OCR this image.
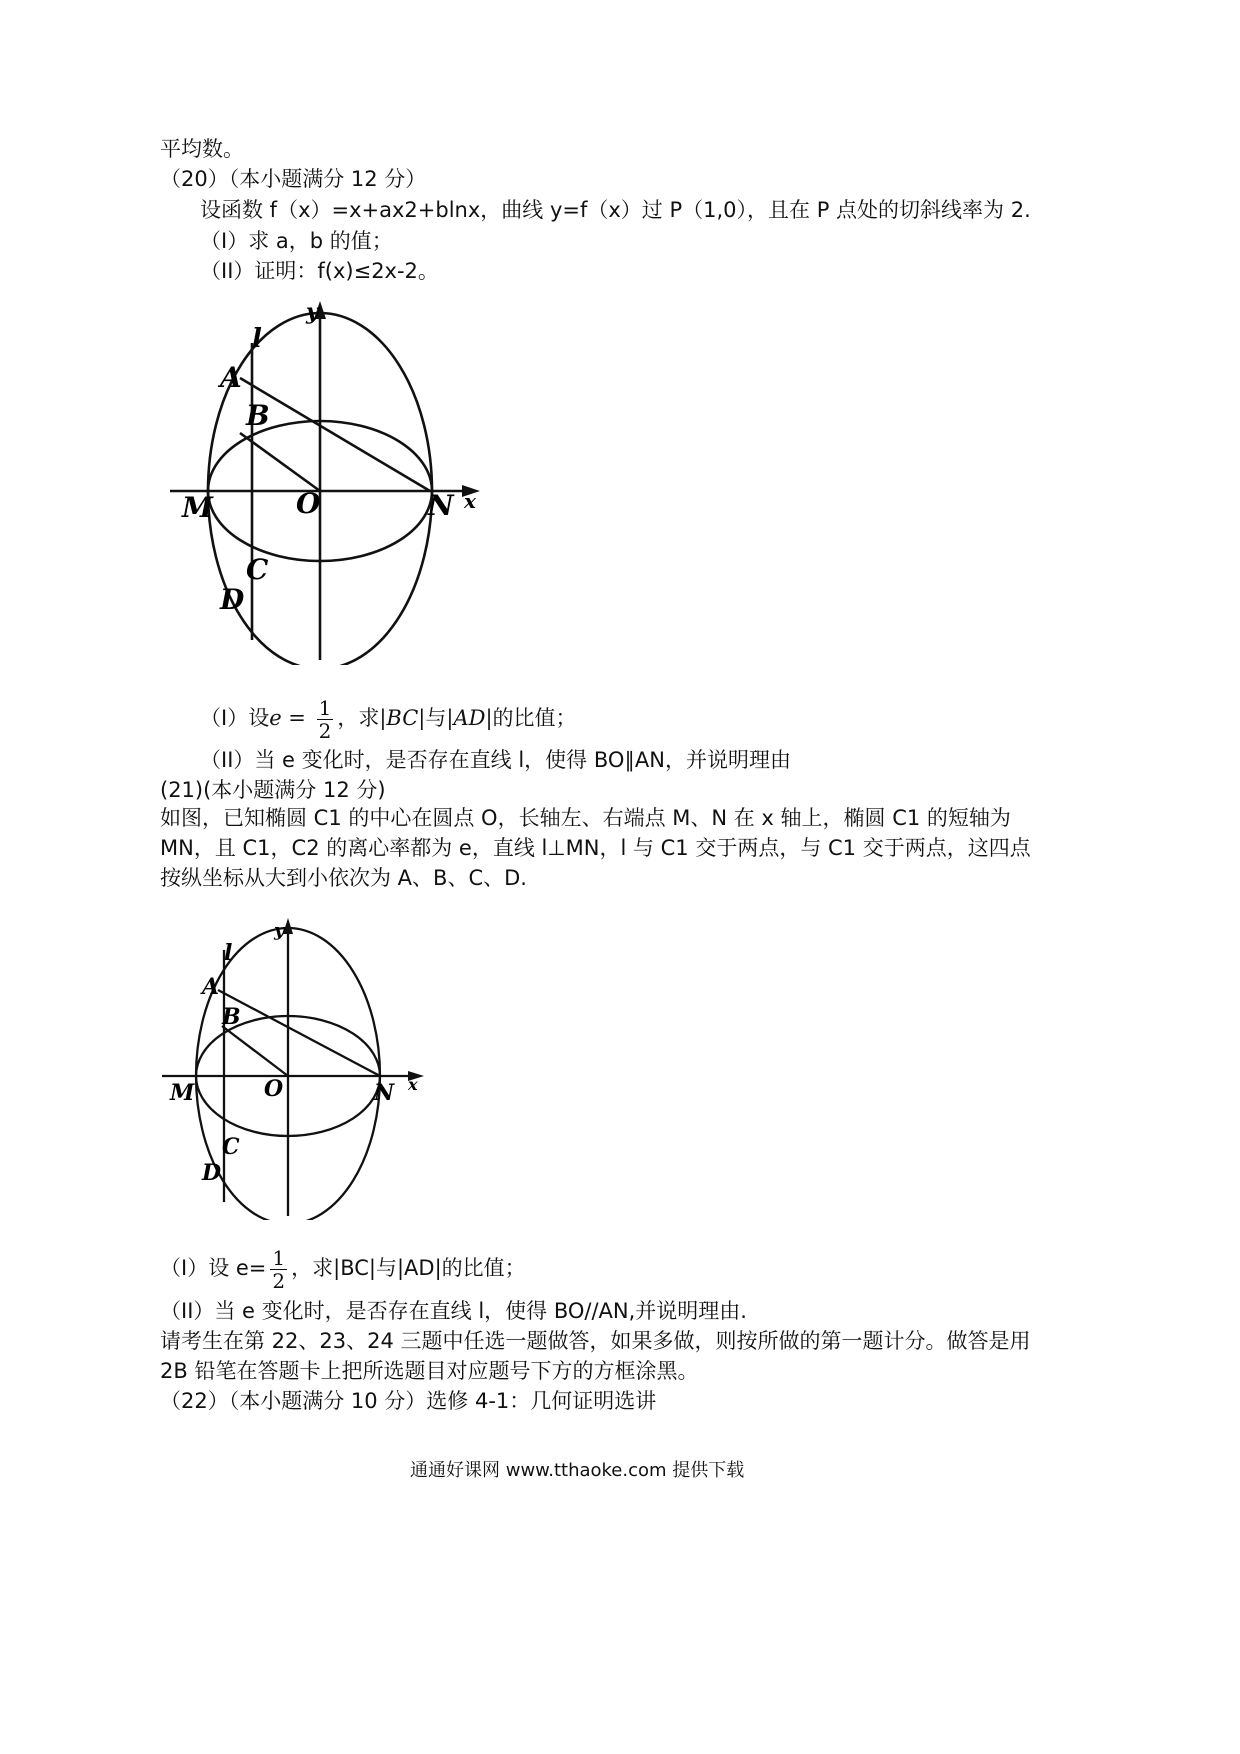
平均数。
（20）（本小题满分 12 分）
设函数 f（x）=x+ax2+blnx，曲线 y=f（x）过 P（1,0），且在 P 点处的切斜线率为 2.
（I）求 a，b 的值；
（II）证明：f(x)≤2x-2。
y
x
l
A
B
C
D
M	O	N
（I）设$e = \frac{1}{2}$ ，求|BC|与|AD|的比值；
（II）当 e 变化时，是否存在直线 l，使得 BO∥AN，并说明理由
(21)(本小题满分 12 分)
如图，已知椭圆 C1 的中心在圆点 O，长轴左、右端点 M、N 在 x 轴上，椭圆 C1 的短轴为
MN，且 C1，C2 的离心率都为 e，直线 l⊥MN，l 与 C1 交于两点，与 C1 交于两点，这四点
按纵坐标从大到小依次为 A、B、C、D.
y
x
l
A
B
C
D
M	O	N
（I）设 $e= \frac{1}{2}$ ，求|BC|与|AD|的比值；
（II）当 e 变化时，是否存在直线 l，使得 BO//AN,并说明理由.
请考生在第 22、23、24 三题中任选一题做答，如果多做，则按所做的第一题计分。做答是用
2B 铅笔在答题卡上把所选题目对应题号下方的方框涂黑。
（22）（本小题满分 10 分）选修 4-1：几何证明选讲
通通好课网 www.tthaoke.com 提供下载
